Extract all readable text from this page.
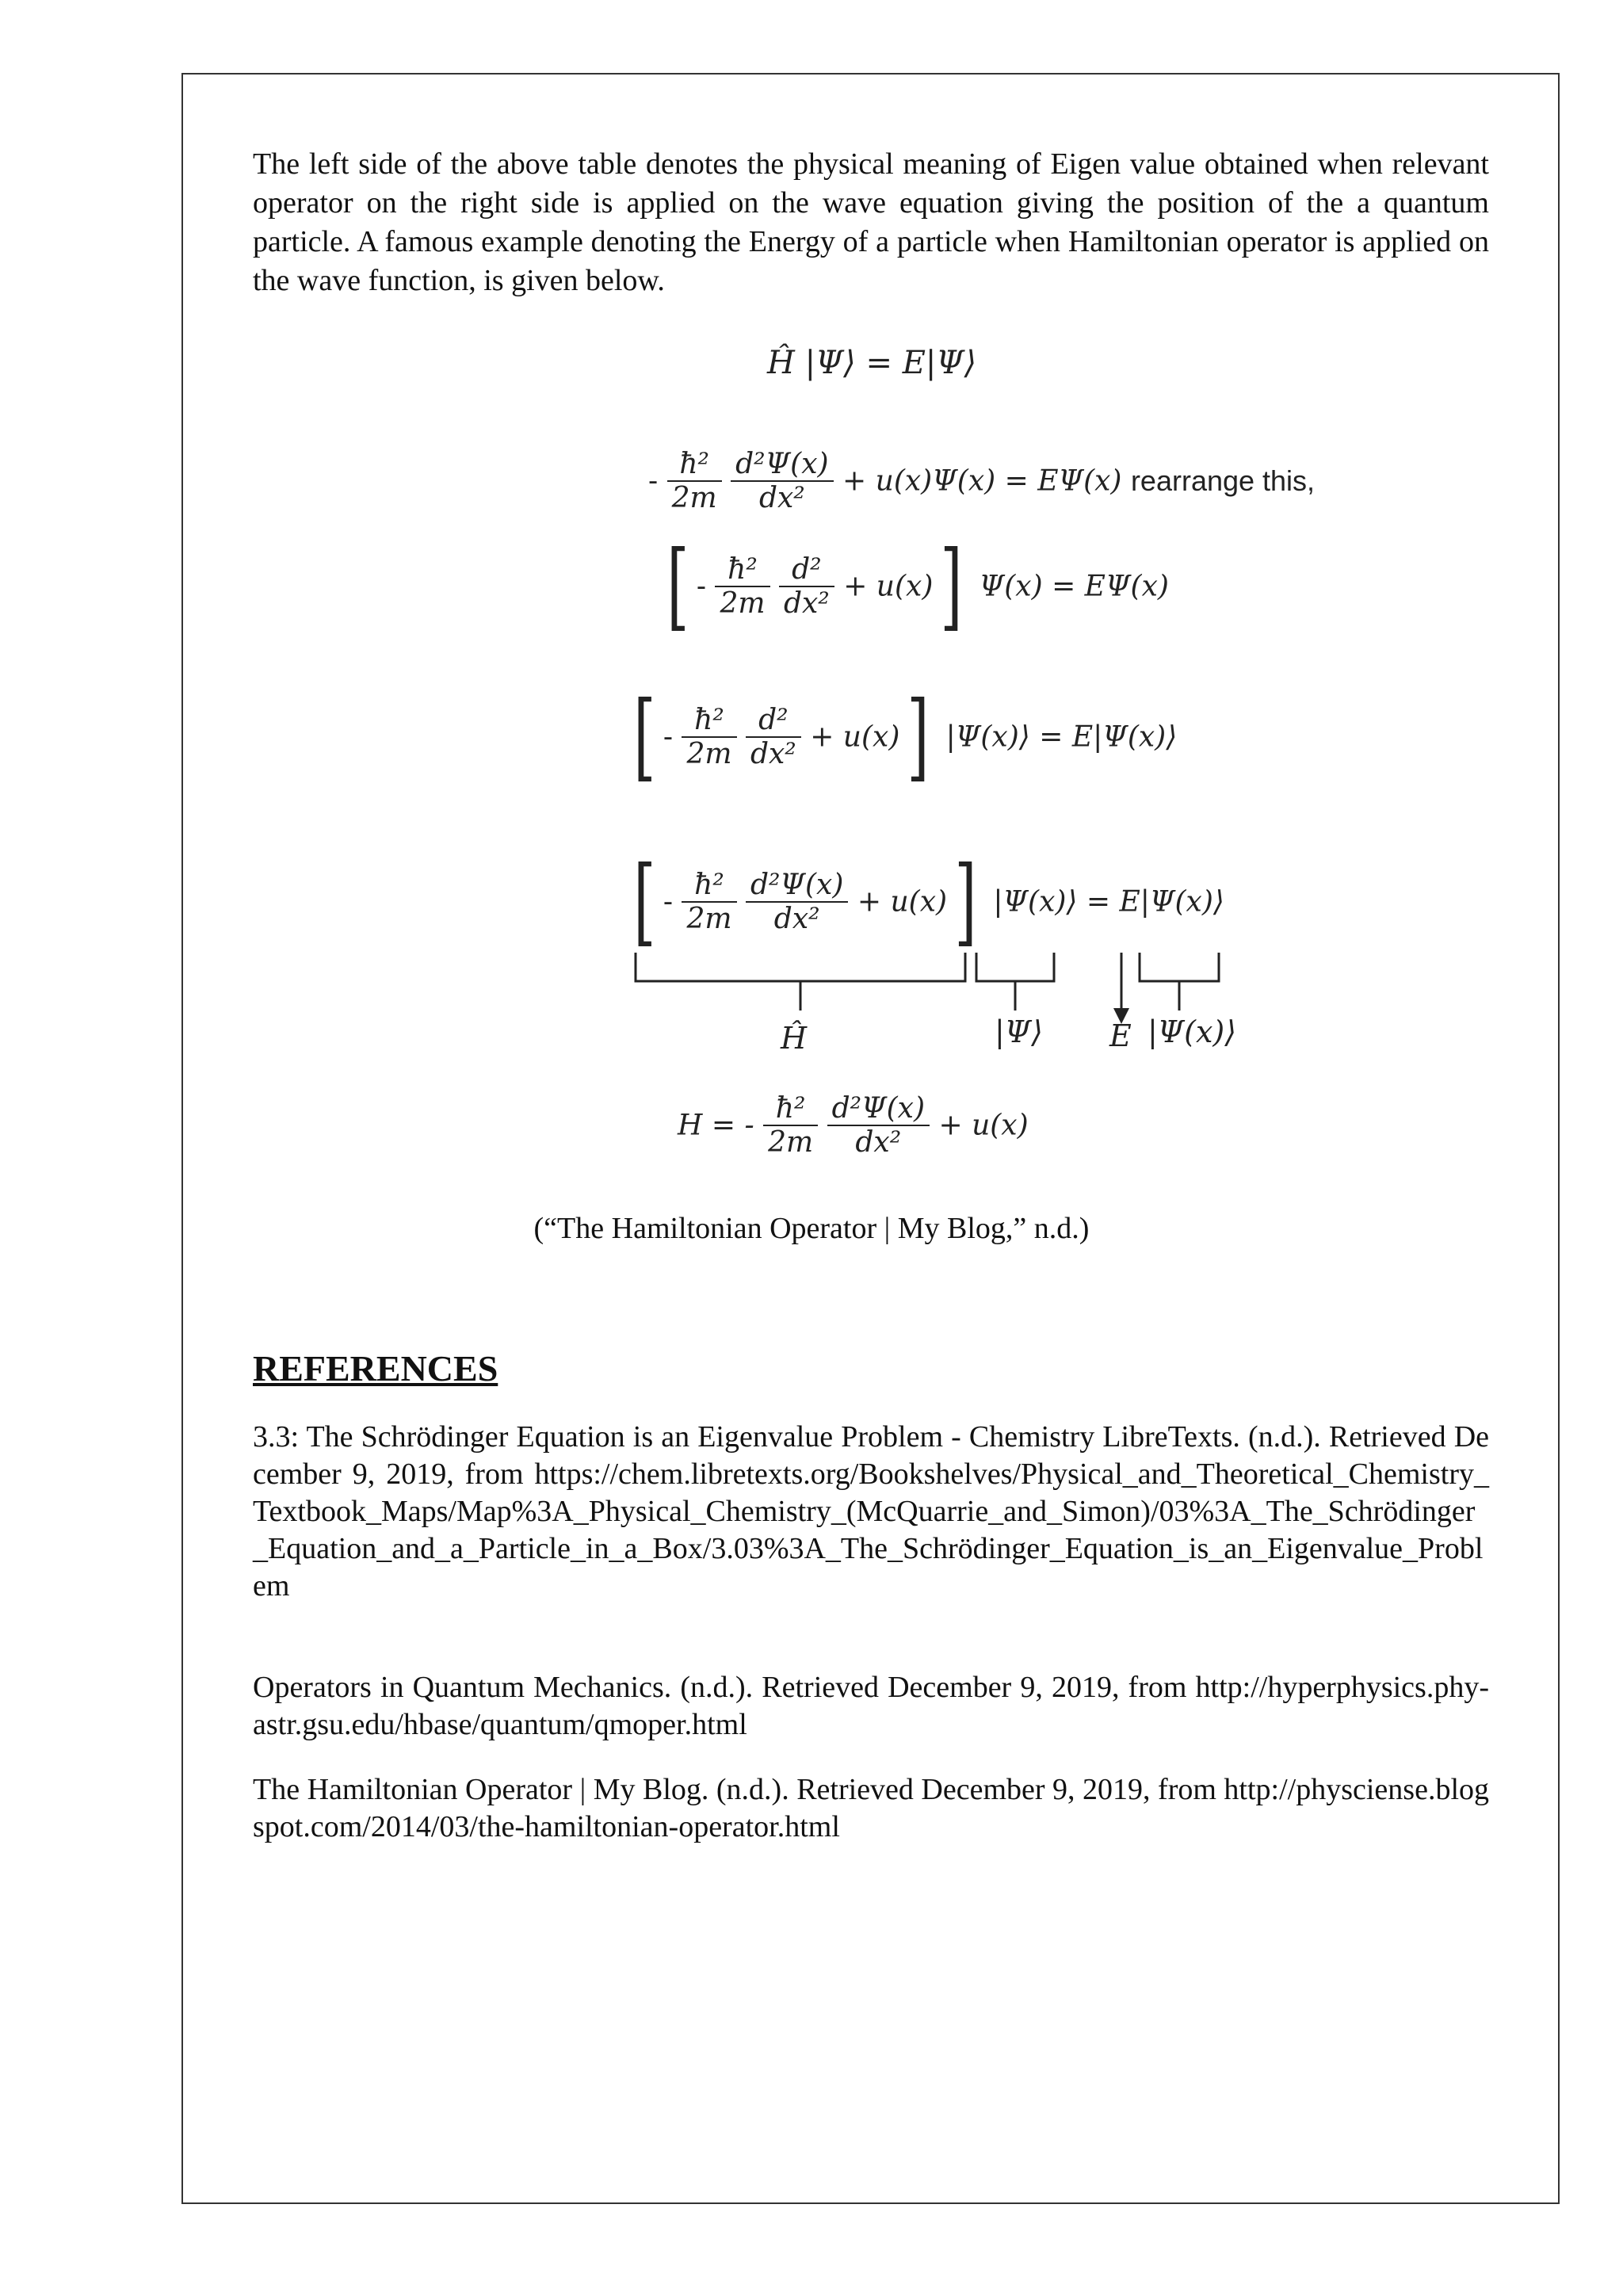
The left side of the above table denotes the physical meaning of Eigen value obtained when relevant operator on the right side is applied on the wave equation giving the position of the a quantum particle. A famous example denoting the Energy of a particle when Hamiltonian operator is applied on the wave function, is given below.

Ĥ |Ψ⟩ = E|Ψ⟩
- $\frac{\text{ħ²}}{2m}$
$\frac{\text{d²Ψ(x)}}{\text{dx²}} + u(x)\Psi(x) = E\Psi(x)$ rearrange this,
[ - $\frac{\text{ħ²}}{2m}$
$\frac{\text{d²}}{\text{dx²}} + u(x)$] Ψ(x) = EΨ(x)
[ - $\frac{\text{ħ²}}{2m}$
$\frac{\text{d²}}{\text{dx²}} + u(x)$] |Ψ(x)⟩ = E|Ψ(x)⟩
[ - $\frac{\text{ħ²}}{2m}$
$\frac{\text{d²Ψ(x)}}{\text{dx²}} + u(x)$] |Ψ(x)⟩ = E|Ψ(x)⟩
Ĥ	|Ψ⟩ E |Ψ(x)⟩
H = - $\frac{\text{ħ²}}{2m}$
$\frac{\text{d²Ψ(x)}}{\text{dx²}} + u(x)$
(“The Hamiltonian Operator | My Blog,” n.d.)
REFERENCES

3.3: The Schrödinger Equation is an Eigenvalue Problem - Chemistry LibreTexts. (n.d.). Retrieved December 9, 2019, from https://chem.libretexts.org/Bookshelves/Physical_and_Theoretical_Chemistry_Textbook_Maps/Map%3A_Physical_Chemistry_(McQuarrie_and_Simon)/03%3A_The_Schrödinger_Equation_and_a_Particle_in_a_Box/3.03%3A_The_Schrödinger_Equation_is_an_Eigenvalue_Problem

Operators in Quantum Mechanics. (n.d.). Retrieved December 9, 2019, from http://hyperphysics.phy-astr.gsu.edu/hbase/quantum/qmoper.html

The Hamiltonian Operator | My Blog. (n.d.). Retrieved December 9, 2019, from http://physciense.blogspot.com/2014/03/the-hamiltonian-operator.html
